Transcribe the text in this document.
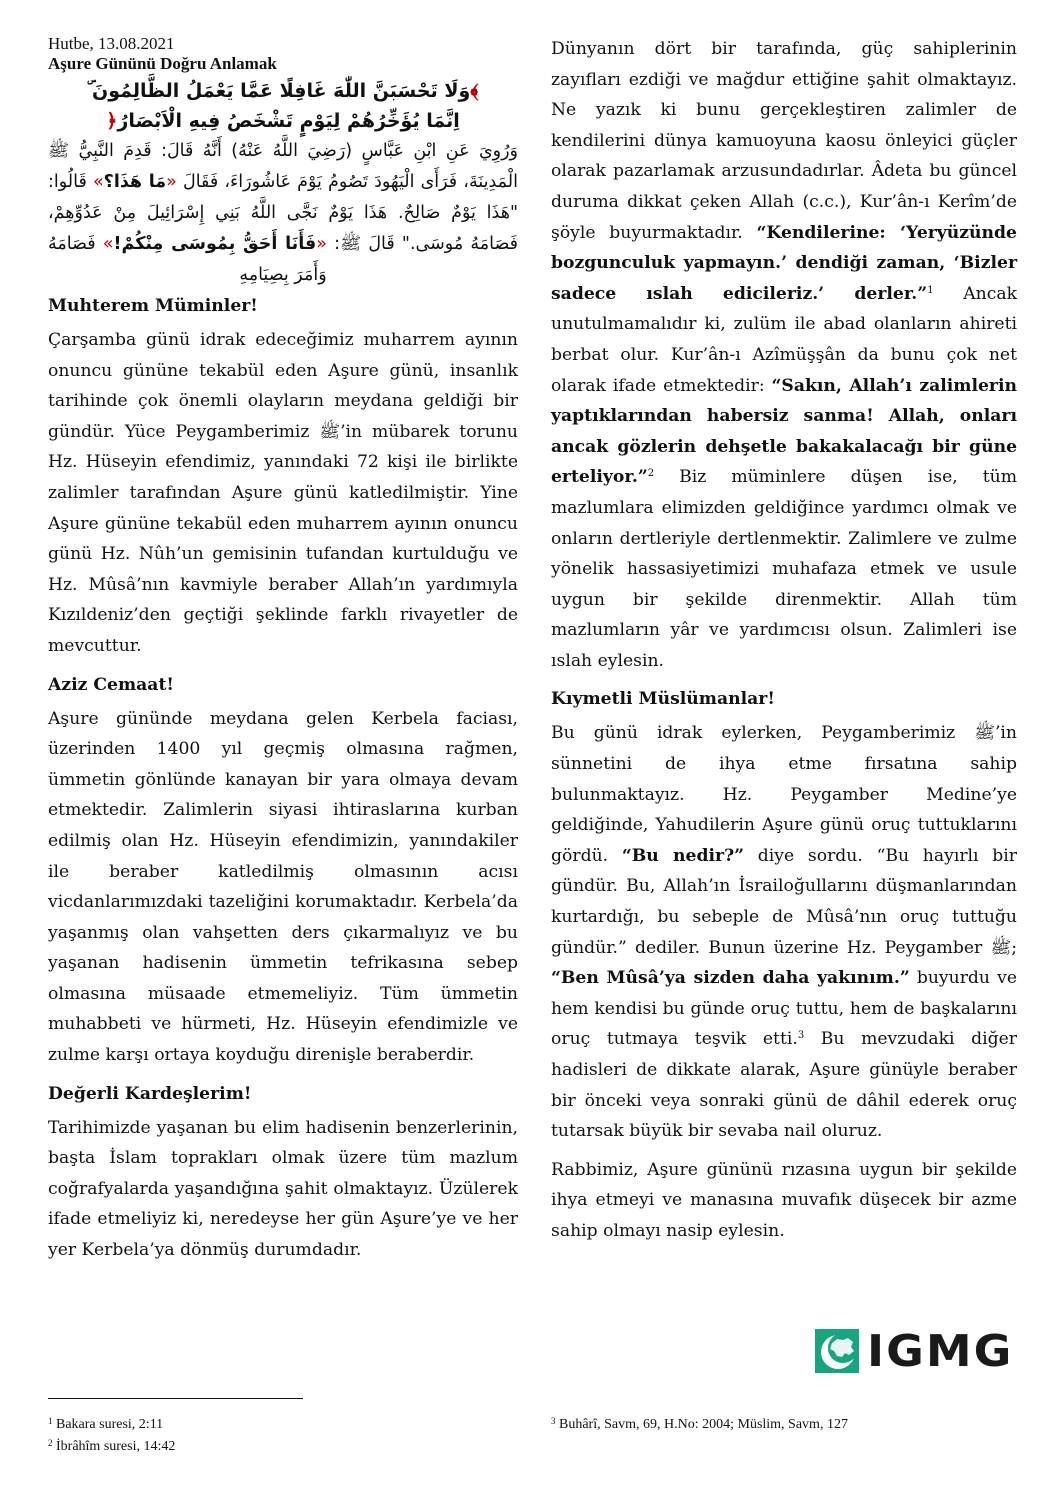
Hutbe, 13.08.2021

Aşure Gününü Doğru Anlamak

﴾وَلَا تَحْسَبَنَّ اللّٰهَ غَافِلًا عَمَّا يَعْمَلُ الظَّالِمُونَ ۜ
اِنَّمَا يُؤَخِّرُهُمْ لِيَوْمٍ تَشْخَصُ فِيهِ الْاَبْصَارُ﴿
وَرُوِيَ عَنِ ابْنِ عَبَّاسٍ (رَضِيَ اللَّهُ عَنْهُ) أَنَّهُ قَالَ: قَدِمَ النَّبِيُّ ﷺ الْمَدِينَةَ، فَرَأَى الْيَهُودَ تَصُومُ يَوْمَ عَاشُورَاءَ، فَقَالَ «مَا هَذَا؟» قَالُوا: "هَذَا يَوْمٌ صَالِحٌ. هَذَا يَوْمٌ نَجَّى اللَّهُ بَنِي إِسْرَائِيلَ مِنْ عَدُوِّهِمْ، فَصَامَهُ مُوسَى." قَالَ ﷺ: «فَأَنَا أَحَقُّ بِمُوسَى مِنْكُمْ!» فَصَامَهُ وَأَمَرَ بِصِيَامِهِ

Muhterem Müminler!

Çarşamba günü idrak edeceğimiz muharrem ayının onuncu gününe tekabül eden Aşure günü, insanlık tarihinde çok önemli olayların meydana geldiği bir gündür. Yüce Peygamberimiz ﷺ’in mübarek torunu Hz. Hüseyin efendimiz, yanındaki 72 kişi ile birlikte zalimler tarafından Aşure günü katledilmiştir. Yine Aşure gününe tekabül eden muharrem ayının onuncu günü Hz. Nûh’un gemisinin tufandan kurtulduğu ve Hz. Mûsâ’nın kavmiyle beraber Allah’ın yardımıyla Kızıldeniz’den geçtiği şeklinde farklı rivayetler de mevcuttur.

Aziz Cemaat!

Aşure gününde meydana gelen Kerbela faciası, üzerinden 1400 yıl geçmiş olmasına rağmen, ümmetin gönlünde kanayan bir yara olmaya devam etmektedir. Zalimlerin siyasi ihtiraslarına kurban edilmiş olan Hz. Hüseyin efendimizin, yanındakiler ile beraber katledilmiş olmasının acısı vicdanlarımızdaki tazeliğini korumaktadır. Kerbela’da yaşanmış olan vahşetten ders çıkarmalıyız ve bu yaşanan hadisenin ümmetin tefrikasına sebep olmasına müsaade etmemeliyiz. Tüm ümmetin muhabbeti ve hürmeti, Hz. Hüseyin efendimizle ve zulme karşı ortaya koyduğu direnişle beraberdir.

Değerli Kardeşlerim!

Tarihimizde yaşanan bu elim hadisenin benzerlerinin, başta İslam toprakları olmak üzere tüm mazlum coğrafyalarda yaşandığına şahit olmaktayız. Üzülerek ifade etmeliyiz ki, neredeyse her gün Aşure’ye ve her yer Kerbela’ya dönmüş durumdadır.

Dünyanın dört bir tarafında, güç sahiplerinin zayıfları ezdiği ve mağdur ettiğine şahit olmaktayız. Ne yazık ki bunu gerçekleştiren zalimler de kendilerini dünya kamuoyuna kaosu önleyici güçler olarak pazarlamak arzusundadırlar. Âdeta bu güncel duruma dikkat çeken Allah (c.c.), Kur’ân-ı Kerîm’de şöyle buyurmaktadır. “Kendilerine: ‘Yeryüzünde bozgunculuk yapmayın.’ dendiği zaman, ‘Bizler sadece ıslah edicileriz.’ derler.”$^1$ Ancak unutulmamalıdır ki, zulüm ile abad olanların ahireti berbat olur. Kur’ân-ı Azîmüşşân da bunu çok net olarak ifade etmektedir: “Sakın, Allah’ı zalimlerin yaptıklarından habersiz sanma! Allah, onları ancak gözlerin dehşetle bakakalacağı bir güne erteliyor.”$^2$ Biz müminlere düşen ise, tüm mazlumlara elimizden geldiğince yardımcı olmak ve onların dertleriyle dertlenmektir. Zalimlere ve zulme yönelik hassasiyetimizi muhafaza etmek ve usule uygun bir şekilde direnmektir. Allah tüm mazlumların yâr ve yardımcısı olsun. Zalimleri ise ıslah eylesin.

Kıymetli Müslümanlar!

Bu günü idrak eylerken, Peygamberimiz ﷺ’in sünnetini de ihya etme fırsatına sahip bulunmaktayız. Hz. Peygamber Medine’ye geldiğinde, Yahudilerin Aşure günü oruç tuttuklarını gördü. “Bu nedir?” diye sordu. “Bu hayırlı bir gündür. Bu, Allah’ın İsrailoğullarını düşmanlarından kurtardığı, bu sebeple de Mûsâ’nın oruç tuttuğu gündür.” dediler. Bunun üzerine Hz. Peygamber ﷺ; “Ben Mûsâ’ya sizden daha yakınım.” buyurdu ve hem kendisi bu günde oruç tuttu, hem de başkalarını oruç tutmaya teşvik etti.$^3$ Bu mevzudaki diğer hadisleri de dikkate alarak, Aşure günüyle beraber bir önceki veya sonraki günü de dâhil ederek oruç tutarsak büyük bir sevaba nail oluruz.

Rabbimiz, Aşure gününü rızasına uygun bir şekilde ihya etmeyi ve manasına muvafık düşecek bir azme sahip olmayı nasip eylesin.

IGMG
$^1$ Bakara suresi, 2:11
$^2$ İbrâhîm suresi, 14:42
$^3$ Buhârî, Savm, 69, H.No: 2004; Müslim, Savm, 127
